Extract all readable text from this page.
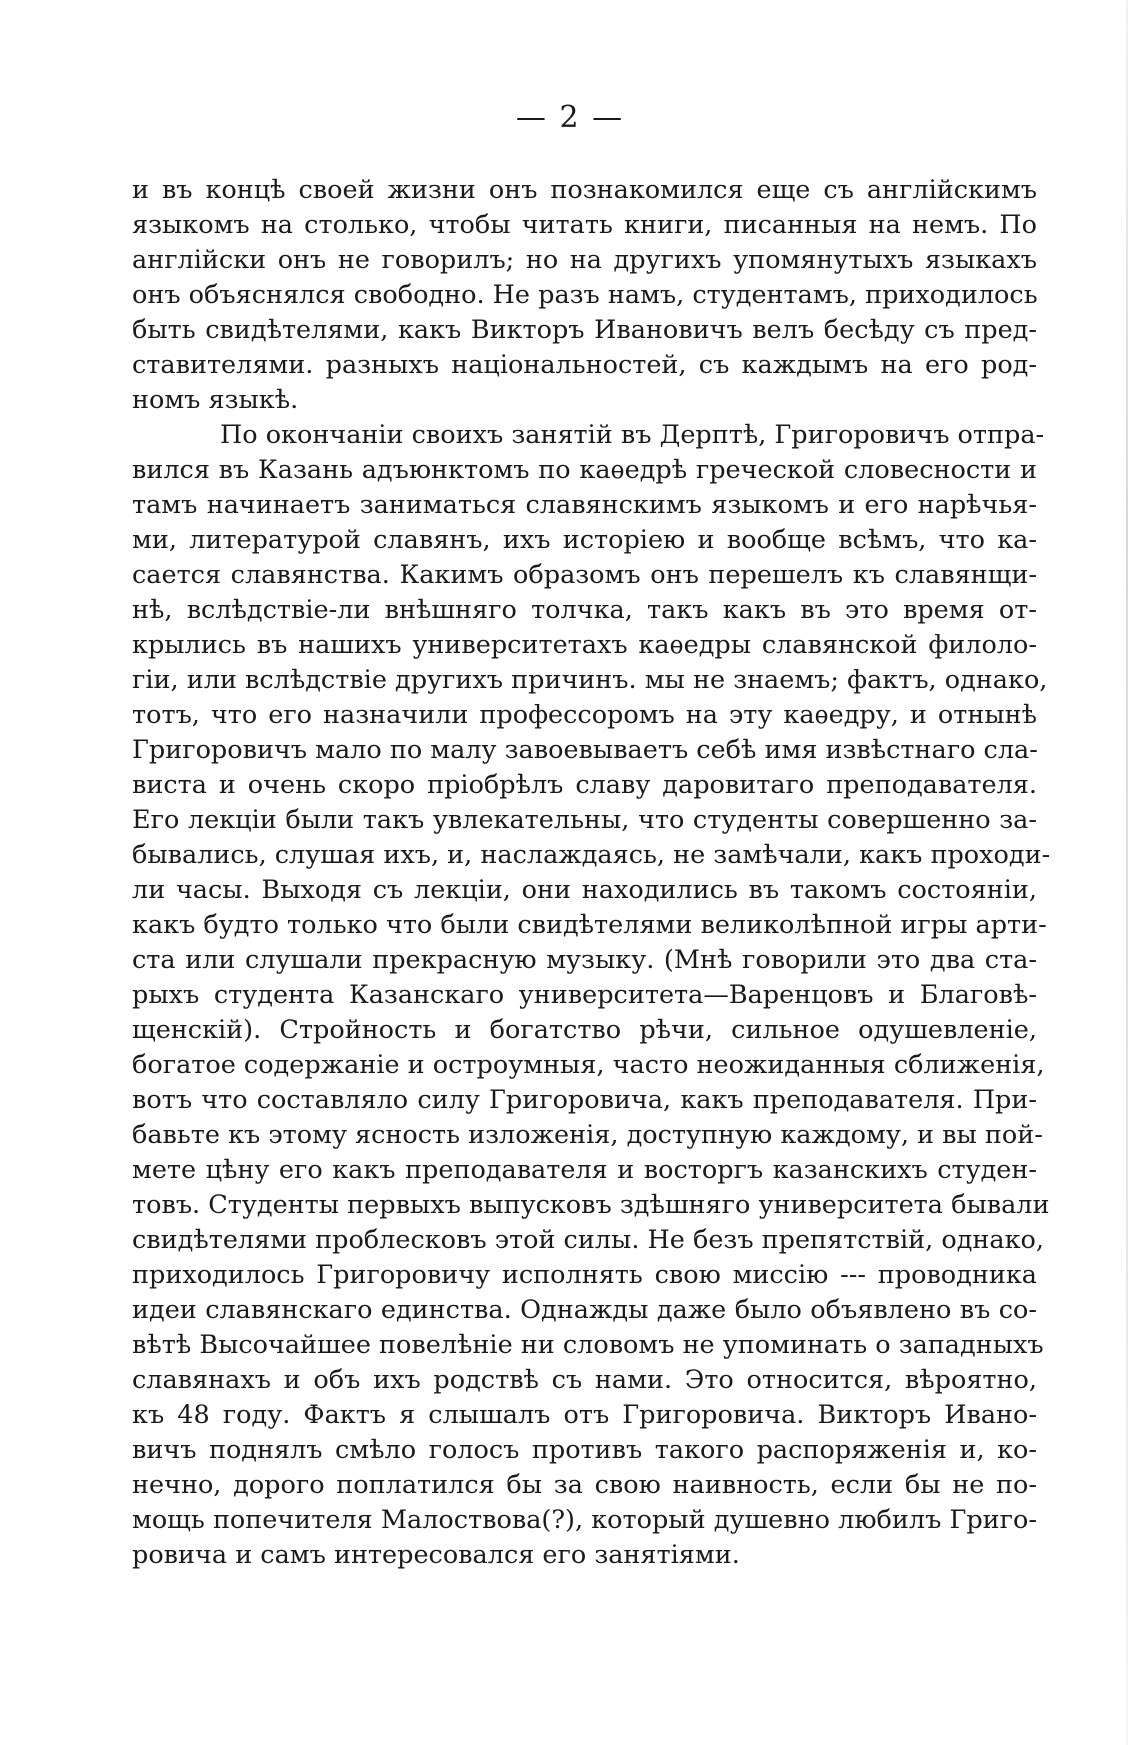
— 2 —
и въ концѣ своей жизни онъ познакомился еще съ англійскимъ
языкомъ на столько, чтобы читать книги, писанныя на немъ. По
англійски онъ не говорилъ; но на другихъ упомянутыхъ языкахъ
онъ объяснялся свободно. Не разъ намъ, студентамъ, приходилось
быть свидѣтелями, какъ Викторъ Ивановичъ велъ бесѣду съ пред-
ставителями. разныхъ національностей, съ каждымъ на его род-
номъ языкѣ.
По окончаніи своихъ занятій въ Дерптѣ, Григоровичъ отпра-
вился въ Казань адъюнктомъ по каѳедрѣ греческой словесности и
тамъ начинаетъ заниматься славянскимъ языкомъ и его нарѣчья-
ми, литературой славянъ, ихъ исторіею и вообще всѣмъ, что ка-
сается славянства. Какимъ образомъ онъ перешелъ къ славянщи-
нѣ, вслѣдствіе-ли внѣшняго толчка, такъ какъ въ это время от-
крылись въ нашихъ университетахъ каѳедры славянской филоло-
гіи, или вслѣдствіе другихъ причинъ. мы не знаемъ; фактъ, однако,
тотъ, что его назначили профессоромъ на эту каѳедру, и отнынѣ
Григоровичъ мало по малу завоевываетъ себѣ имя извѣстнаго сла-
виста и очень скоро пріобрѣлъ славу даровитаго преподавателя.
Его лекціи были такъ увлекательны, что студенты совершенно за-
бывались, слушая ихъ, и, наслаждаясь, не замѣчали, какъ проходи-
ли часы. Выходя съ лекціи, они находились въ такомъ состояніи,
какъ будто только что были свидѣтелями великолѣпной игры арти-
ста или слушали прекрасную музыку. (Мнѣ говорили это два ста-
рыхъ студента Казанскаго университета—Варенцовъ и Благовѣ-
щенскій). Стройность и богатство рѣчи, сильное одушевленіе,
богатое содержаніе и остроумныя, часто неожиданныя сближенія,
вотъ что составляло силу Григоровича, какъ преподавателя. При-
бавьте къ этому ясность изложенія, доступную каждому, и вы пой-
мете цѣну его какъ преподавателя и восторгъ казанскихъ студен-
товъ. Студенты первыхъ выпусковъ здѣшняго университета бывали
свидѣтелями проблесковъ этой силы. Не безъ препятствій, однако,
приходилось Григоровичу исполнять свою миссію --- проводника
идеи славянскаго единства. Однажды даже было объявлено въ со-
вѣтѣ Высочайшее повелѣніе ни словомъ не упоминать о западныхъ
славянахъ и объ ихъ родствѣ съ нами. Это относится, вѣроятно,
къ 48 году. Фактъ я слышалъ отъ Григоровича. Викторъ Ивано-
вичъ поднялъ смѣло голосъ противъ такого распоряженія и, ко-
нечно, дорого поплатился бы за свою наивность, если бы не по-
мощь попечителя Малоствова(?), который душевно любилъ Григо-
ровича и самъ интересовался его занятіями.
